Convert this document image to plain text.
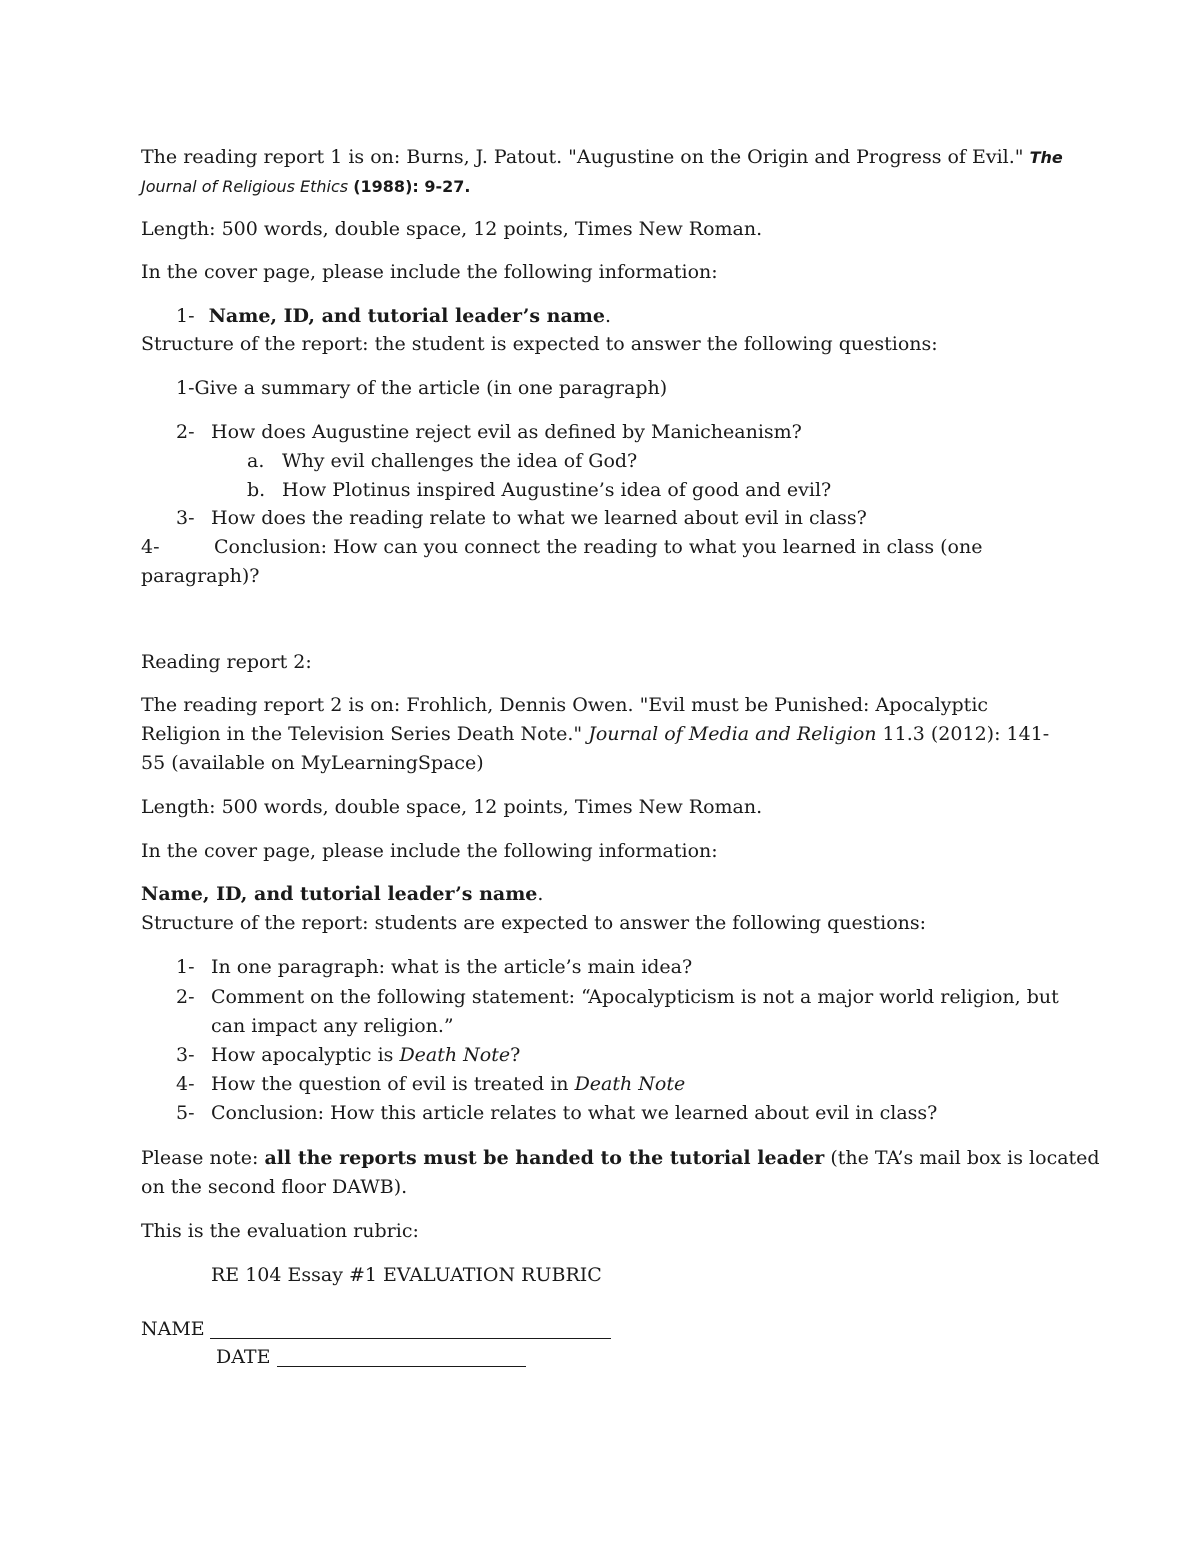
The reading report 1 is on: Burns, J. Patout. "Augustine on the Origin and Progress of Evil." The
Journal of Religious Ethics (1988): 9-27.
Length: 500 words, double space, 12 points, Times New Roman.
In the cover page, please include the following information:
1- Name, ID, and tutorial leader’s name.
Structure of the report: the student is expected to answer the following questions:
1-Give a summary of the article (in one paragraph)
2- How does Augustine reject evil as defined by Manicheanism?
a. Why evil challenges the idea of God?
b. How Plotinus inspired Augustine’s idea of good and evil?
3- How does the reading relate to what we learned about evil in class?
4-	Conclusion: How can you connect the reading to what you learned in class (one
paragraph)?
Reading report 2:
The reading report 2 is on: Frohlich, Dennis Owen. "Evil must be Punished: Apocalyptic
Religion in the Television Series Death Note." Journal of Media and Religion 11.3 (2012): 141-
55 (available on MyLearningSpace)
Length: 500 words, double space, 12 points, Times New Roman.
In the cover page, please include the following information:
Name, ID, and tutorial leader’s name.
Structure of the report: students are expected to answer the following questions:
1- In one paragraph: what is the article’s main idea?
2- Comment on the following statement: “Apocalypticism is not a major world religion, but
can impact any religion.”
3- How apocalyptic is Death Note?
4- How the question of evil is treated in Death Note
5- Conclusion: How this article relates to what we learned about evil in class?
Please note: all the reports must be handed to the tutorial leader (the TA’s mail box is located
on the second floor DAWB).
This is the evaluation rubric:
RE 104 Essay #1 EVALUATION RUBRIC
NAME
DATE
